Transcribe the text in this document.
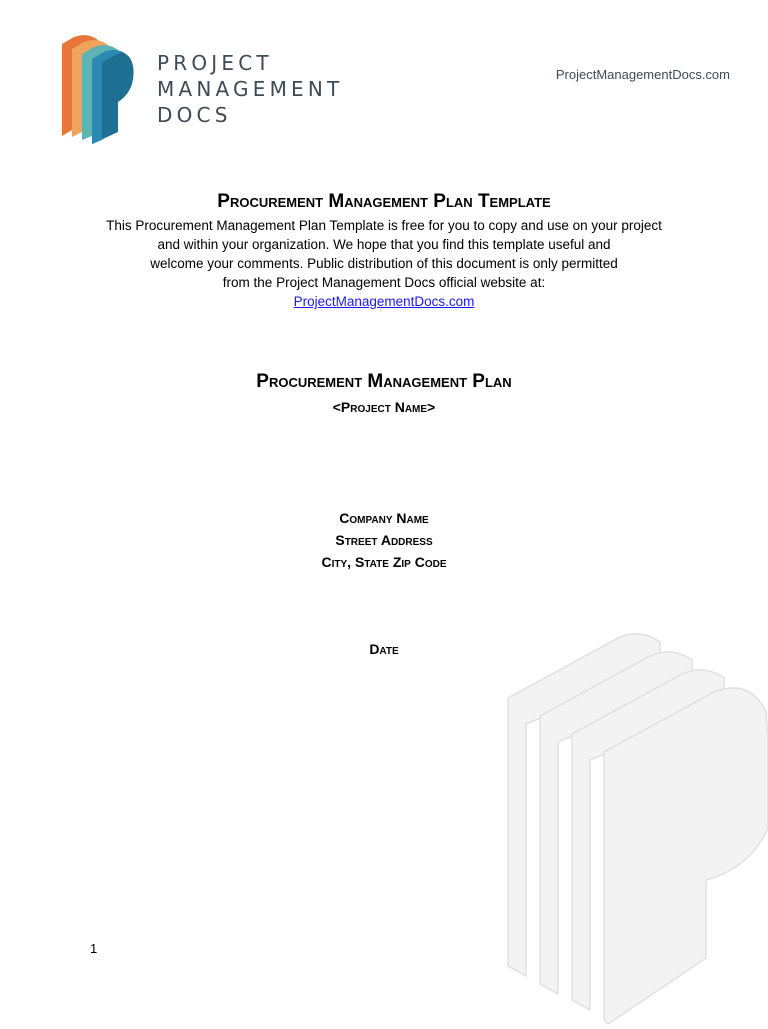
PROJECT
MANAGEMENT
DOCS
ProjectManagementDocs.com
Procurement Management Plan Template

This Procurement Management Plan Template is free for you to copy and use on your project

and within your organization. We hope that you find this template useful and

welcome your comments. Public distribution of this document is only permitted

from the Project Management Docs official website at:

ProjectManagementDocs.com

Procurement Management Plan
<Project Name>
Company Name
Street Address
City, State Zip Code
Date
1
